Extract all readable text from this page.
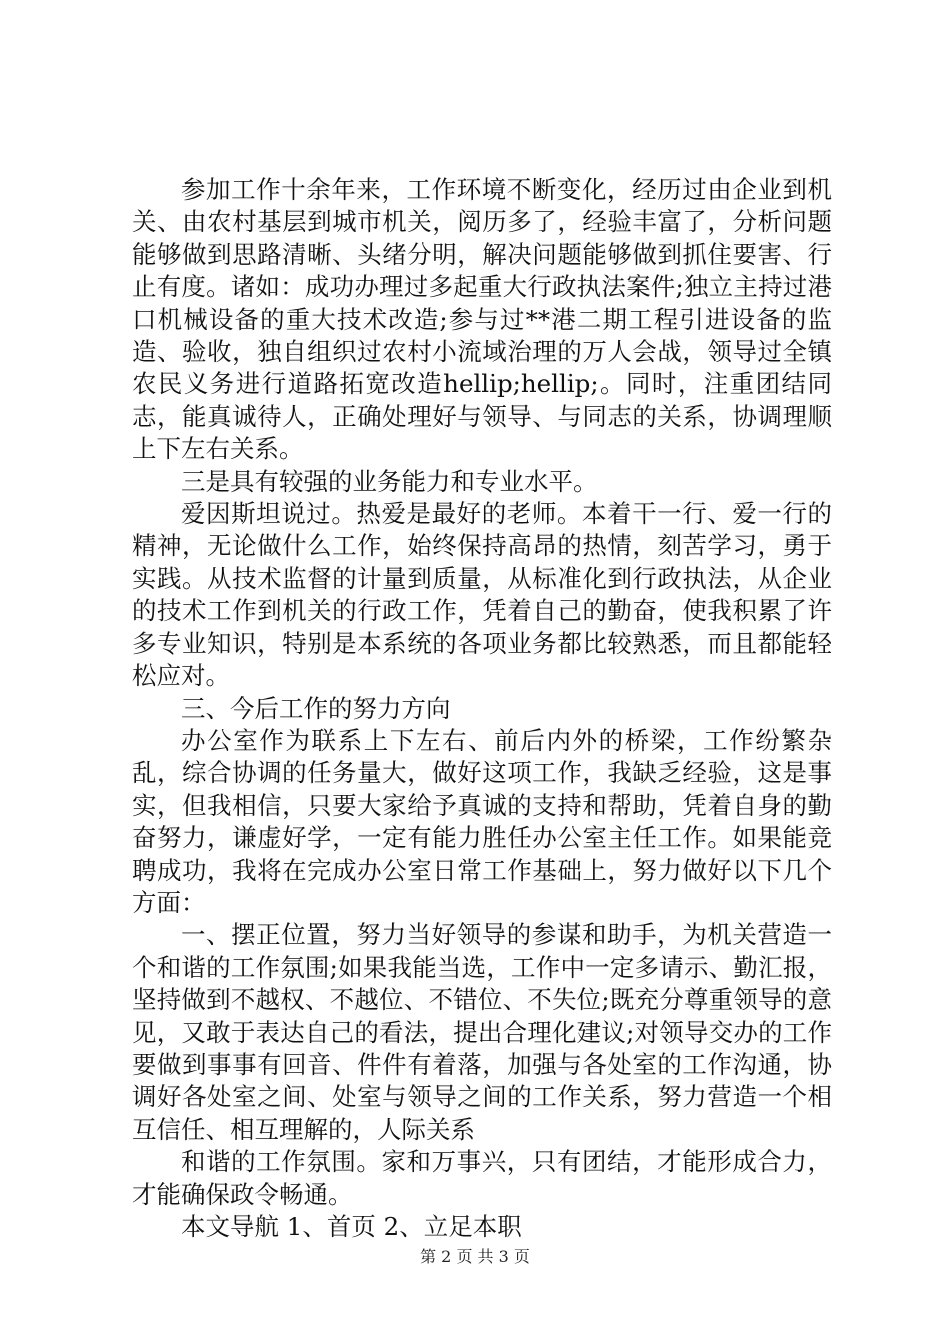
参加工作十余年来，工作环境不断变化，经历过由企业到机关、由农村基层到城市机关，阅历多了，经验丰富了，分析问题能够做到思路清晰、头绪分明，解决问题能够做到抓住要害、行止有度。诸如：成功办理过多起重大行政执法案件;独立主持过港口机械设备的重大技术改造;参与过**港二期工程引进设备的监造、验收，独自组织过农村小流域治理的万人会战，领导过全镇农民义务进行道路拓宽改造hellip;hellip;。同时，注重团结同志，能真诚待人，正确处理好与领导、与同志的关系，协调理顺上下左右关系。

三是具有较强的业务能力和专业水平。

爱因斯坦说过。热爱是最好的老师。本着干一行、爱一行的精神，无论做什么工作，始终保持高昂的热情，刻苦学习，勇于实践。从技术监督的计量到质量，从标准化到行政执法，从企业的技术工作到机关的行政工作，凭着自己的勤奋，使我积累了许多专业知识，特别是本系统的各项业务都比较熟悉，而且都能轻松应对。

三、今后工作的努力方向

办公室作为联系上下左右、前后内外的桥梁，工作纷繁杂乱，综合协调的任务量大，做好这项工作，我缺乏经验，这是事实，但我相信，只要大家给予真诚的支持和帮助，凭着自身的勤奋努力，谦虚好学，一定有能力胜任办公室主任工作。如果能竞聘成功，我将在完成办公室日常工作基础上，努力做好以下几个方面：

一、摆正位置，努力当好领导的参谋和助手，为机关营造一个和谐的工作氛围;如果我能当选，工作中一定多请示、勤汇报，坚持做到不越权、不越位、不错位、不失位;既充分尊重领导的意见，又敢于表达自己的看法，提出合理化建议;对领导交办的工作要做到事事有回音、件件有着落，加强与各处室的工作沟通，协调好各处室之间、处室与领导之间的工作关系，努力营造一个相互信任、相互理解的，人际关系

和谐的工作氛围。家和万事兴，只有团结，才能形成合力，才能确保政令畅通。

本文导航 1、首页 2、立足本职

第 2 页 共 3 页
